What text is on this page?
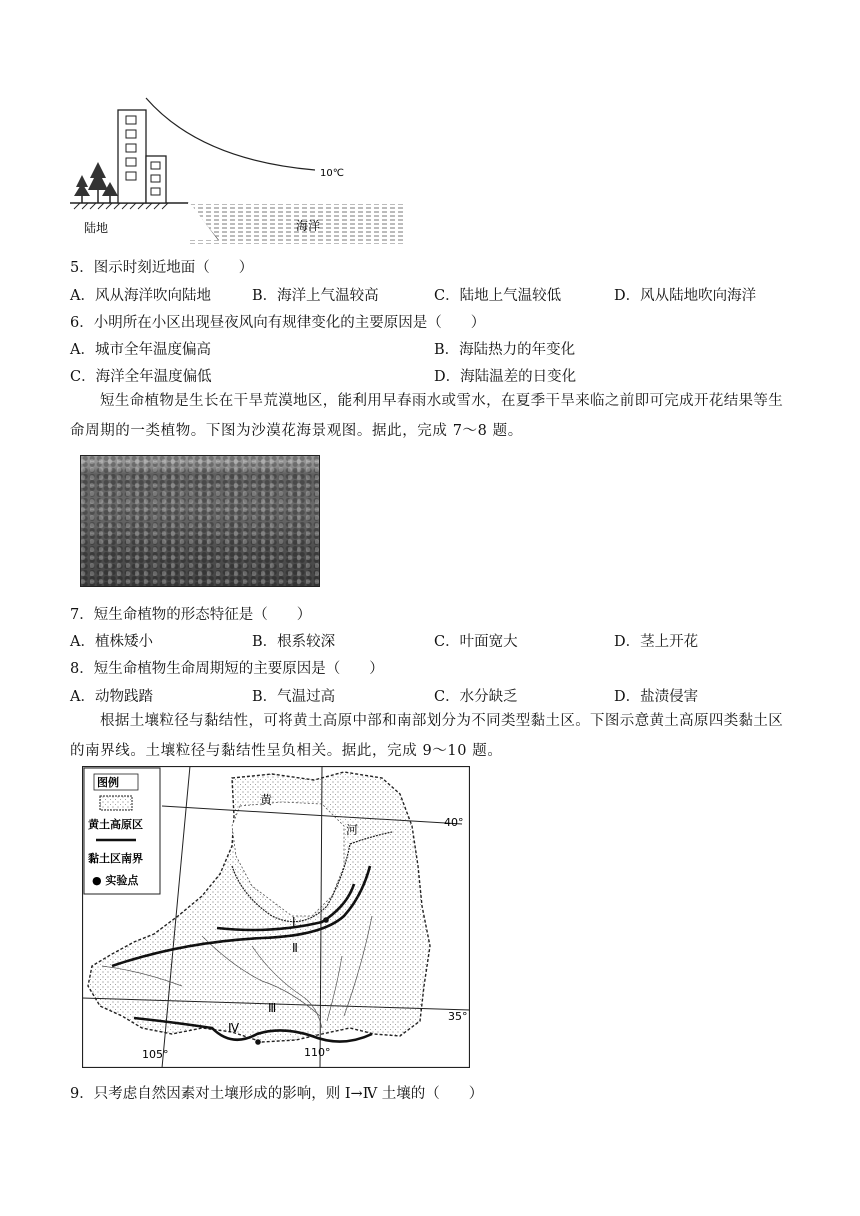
10℃
陆地	海洋
5．图示时刻近地面（　　）
A．风从海洋吹向陆地	B．海洋上气温较高	C．陆地上气温较低	D．风从陆地吹向海洋
6．小明所在小区出现昼夜风向有规律变化的主要原因是（　　）
A．城市全年温度偏高	B．海陆热力的年变化
C．海洋全年温度偏低	D．海陆温差的日变化
短生命植物是生长在干旱荒漠地区，能利用早春雨水或雪水，在夏季干旱来临之前即可完成开花结果等生
命周期的一类植物。下图为沙漠花海景观图。据此，完成 7～8 题。
7．短生命植物的形态特征是（　　）
A．植株矮小	B．根系较深	C．叶面宽大	D．茎上开花
8．短生命植物生命周期短的主要原因是（　　）
A．动物践踏	B．气温过高	C．水分缺乏	D．盐渍侵害
根据土壤粒径与黏结性，可将黄土高原中部和南部划分为不同类型黏土区。下图示意黄土高原四类黏土区
的南界线。土壤粒径与黏结性呈负相关。据此，完成 9～10 题。
黄
河
40°
35°
105°	110°
Ⅰ
Ⅱ
Ⅲ
Ⅳ
图例
黄土高原区
黏土区南界
● 实验点
9．只考虑自然因素对土壤形成的影响，则 Ⅰ→Ⅳ 土壤的（　　）
